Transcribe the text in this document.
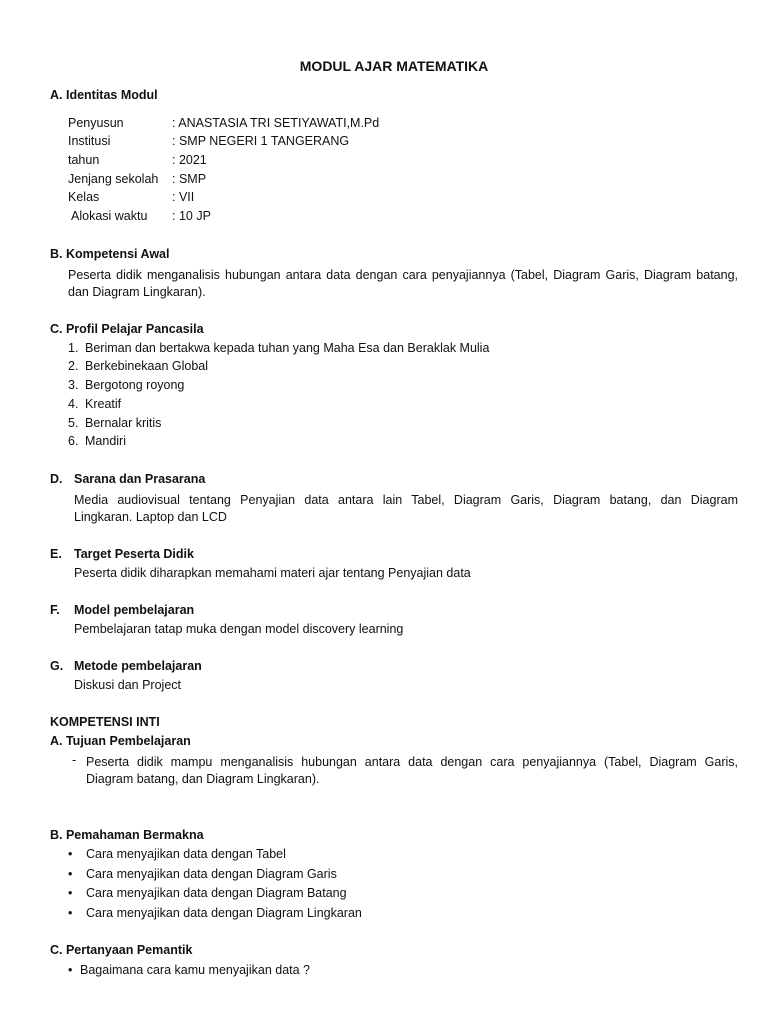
MODUL AJAR MATEMATIKA
A. Identitas Modul
Penyusun	: ANASTASIA TRI SETIYAWATI,M.Pd
Institusi	: SMP NEGERI 1 TANGERANG
tahun	: 2021
Jenjang sekolah : SMP
Kelas	: VII
Alokasi waktu : 10 JP
B. Kompetensi Awal
Peserta didik menganalisis hubungan antara data dengan cara penyajiannya (Tabel, Diagram Garis, Diagram batang,
dan Diagram Lingkaran).
C. Profil Pelajar Pancasila
1. Beriman dan bertakwa kepada tuhan yang Maha Esa dan Beraklak Mulia
2. Berkebinekaan Global
3. Bergotong royong
4. Kreatif
5. Bernalar kritis
6. Mandiri
D. Sarana dan Prasarana
Media audiovisual tentang Penyajian data antara lain Tabel, Diagram Garis, Diagram batang, dan Diagram
Lingkaran. Laptop dan LCD
E. Target Peserta Didik
Peserta didik diharapkan memahami materi ajar tentang Penyajian data
F. Model pembelajaran
Pembelajaran tatap muka dengan model discovery learning
G. Metode pembelajaran
Diskusi dan Project
KOMPETENSI INTI
A. Tujuan Pembelajaran
- Peserta didik mampu menganalisis hubungan antara data dengan cara penyajiannya (Tabel, Diagram Garis,
Diagram batang, dan Diagram Lingkaran).
B. Pemahaman Bermakna
• Cara menyajikan data dengan Tabel
• Cara menyajikan data dengan Diagram Garis
• Cara menyajikan data dengan Diagram Batang
• Cara menyajikan data dengan Diagram Lingkaran
C. Pertanyaan Pemantik
• Bagaimana cara kamu menyajikan data ?
